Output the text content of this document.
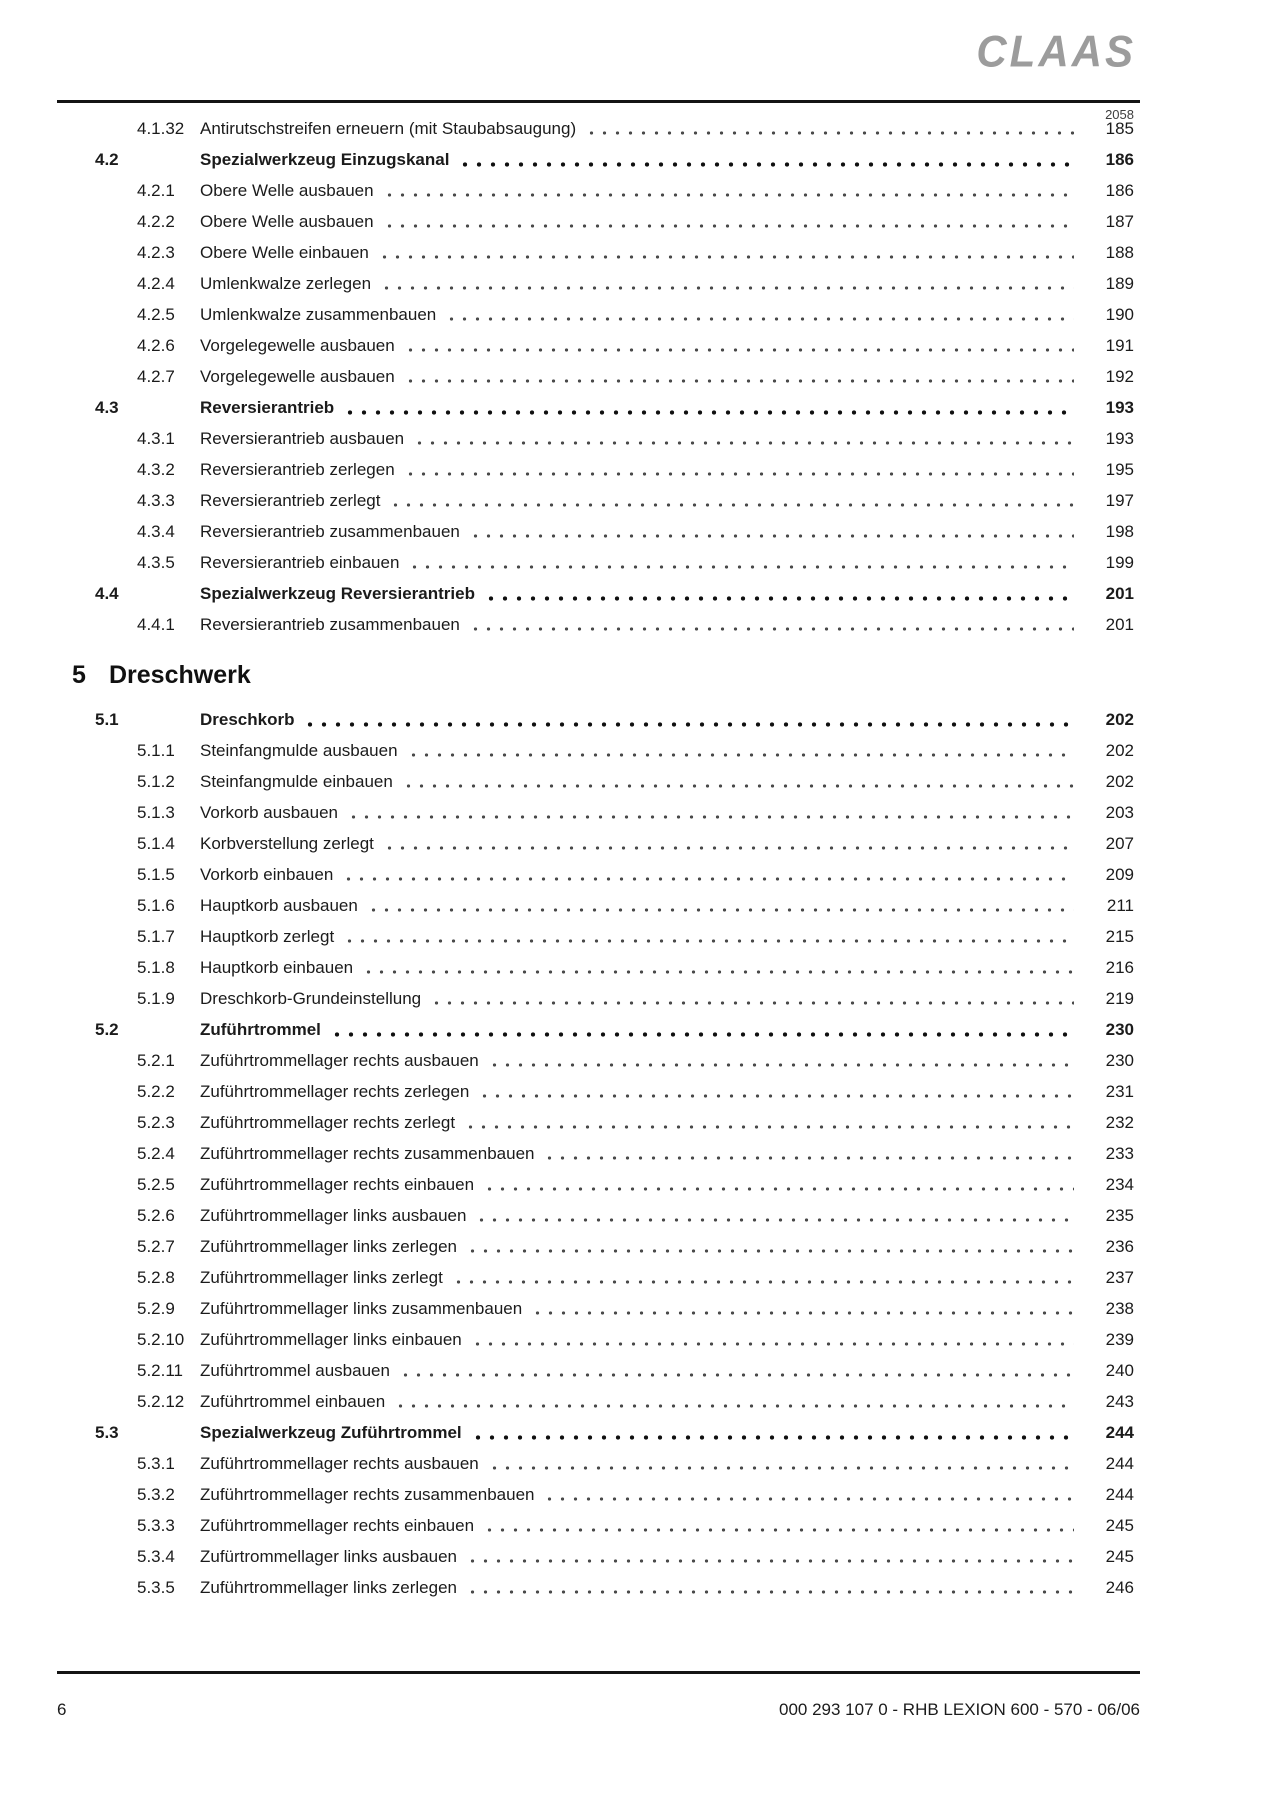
CLAAS
2058
4.1.32 Antirutschstreifen erneuern (mit Staubabsaugung)	185
4.2	Spezialwerkzeug Einzugskanal	186
4.2.1	Obere Welle ausbauen	186
4.2.2	Obere Welle ausbauen	187
4.2.3	Obere Welle einbauen	188
4.2.4	Umlenkwalze zerlegen	189
4.2.5	Umlenkwalze zusammenbauen	190
4.2.6	Vorgelegewelle ausbauen	191
4.2.7	Vorgelegewelle ausbauen	192
4.3	Reversierantrieb	193
4.3.1	Reversierantrieb ausbauen	193
4.3.2	Reversierantrieb zerlegen	195
4.3.3	Reversierantrieb zerlegt	197
4.3.4	Reversierantrieb zusammenbauen	198
4.3.5	Reversierantrieb einbauen	199
4.4	Spezialwerkzeug Reversierantrieb	201
4.4.1	Reversierantrieb zusammenbauen	201
5 Dreschwerk
5.1	Dreschkorb	202
5.1.1	Steinfangmulde ausbauen	202
5.1.2	Steinfangmulde einbauen	202
5.1.3	Vorkorb ausbauen	203
5.1.4	Korbverstellung zerlegt	207
5.1.5	Vorkorb einbauen	209
5.1.6	Hauptkorb ausbauen	211
5.1.7	Hauptkorb zerlegt	215
5.1.8	Hauptkorb einbauen	216
5.1.9	Dreschkorb-Grundeinstellung	219
5.2	Zuführtrommel	230
5.2.1	Zuführtrommellager rechts ausbauen	230
5.2.2	Zuführtrommellager rechts zerlegen	231
5.2.3	Zuführtrommellager rechts zerlegt	232
5.2.4	Zuführtrommellager rechts zusammenbauen	233
5.2.5	Zuführtrommellager rechts einbauen	234
5.2.6	Zuführtrommellager links ausbauen	235
5.2.7	Zuführtrommellager links zerlegen	236
5.2.8	Zuführtrommellager links zerlegt	237
5.2.9	Zuführtrommellager links zusammenbauen	238
5.2.10 Zuführtrommellager links einbauen	239
5.2.11 Zuführtrommel ausbauen	240
5.2.12 Zuführtrommel einbauen	243
5.3	Spezialwerkzeug Zuführtrommel	244
5.3.1	Zuführtrommellager rechts ausbauen	244
5.3.2	Zuführtrommellager rechts zusammenbauen	244
5.3.3	Zuführtrommellager rechts einbauen	245
5.3.4	Zufürtrommellager links ausbauen	245
5.3.5	Zuführtrommellager links zerlegen	246
6	000 293 107 0 - RHB LEXION 600 - 570 - 06/06
